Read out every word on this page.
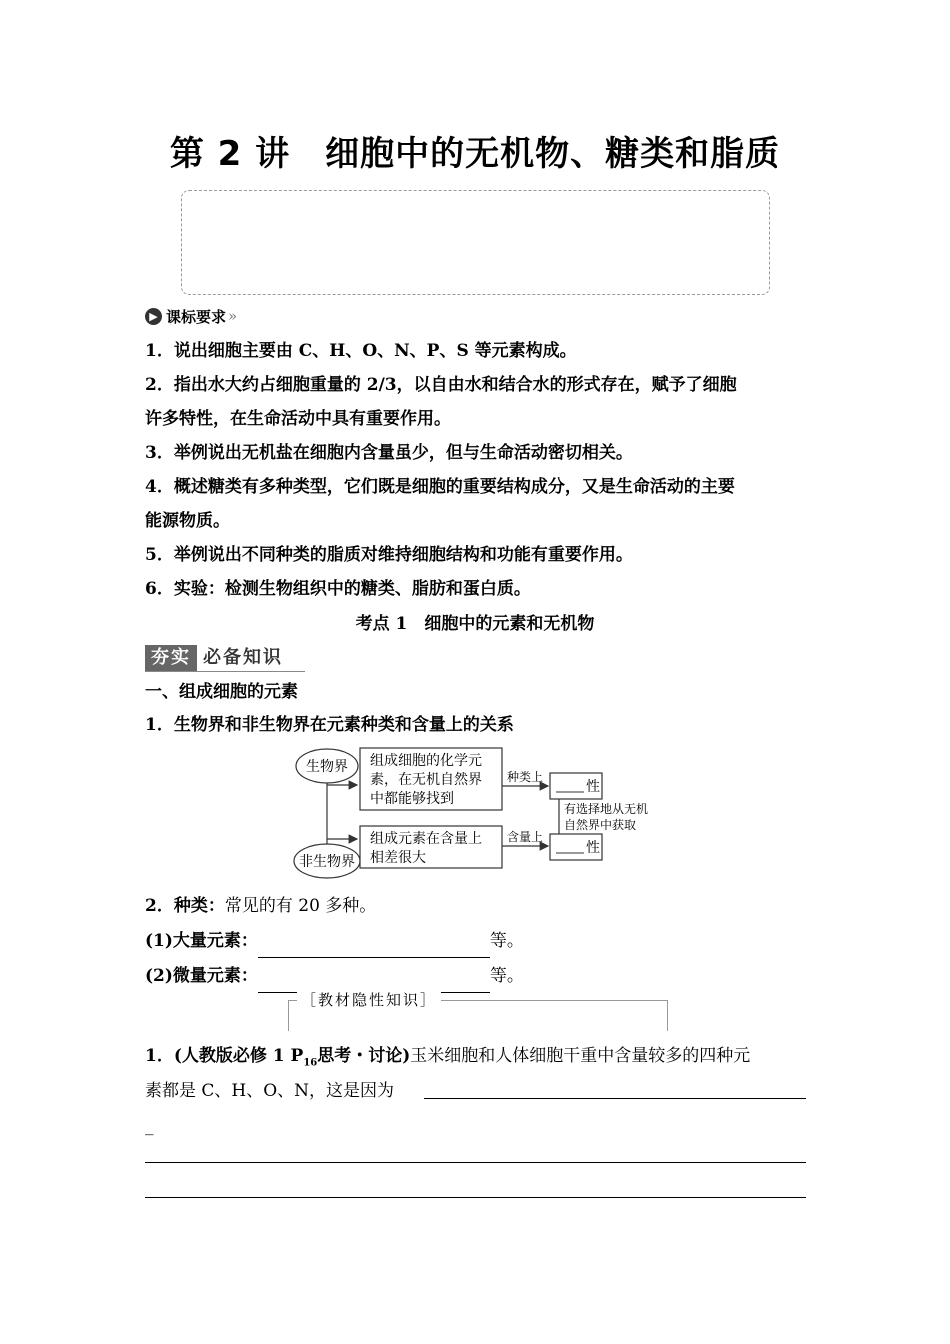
第 2 讲　细胞中的无机物、糖类和脂质
▶ 课标要求 »
1．说出细胞主要由 C、H、O、N、P、S 等元素构成。
2．指出水大约占细胞重量的 2/3，以自由水和结合水的形式存在，赋予了细胞
许多特性，在生命活动中具有重要作用。
3．举例说出无机盐在细胞内含量虽少，但与生命活动密切相关。
4．概述糖类有多种类型，它们既是细胞的重要结构成分，又是生命活动的主要
能源物质。
5．举例说出不同种类的脂质对维持细胞结构和功能有重要作用。
6．实验：检测生物组织中的糖类、脂肪和蛋白质。
考点 1　细胞中的元素和无机物
夯实 必备知识
一、组成细胞的元素
1．生物界和非生物界在元素种类和含量上的关系
生物界
非生物界
组成细胞的化学元
素，在无机自然界
中都能够找到
组成元素在含量上
相差很大
种类上
含量上
性
性
有选择地从无机
自然界中获取
2．种类：常见的有 20 多种。
(1)大量元素：	等。
(2)微量元素：	等。
［教材隐性知识］
1．(人教版必修 1 $P_{16}$思考・讨论)玉米细胞和人体细胞干重中含量较多的四种元
素都是 C、H、O、N，这是因为
_
